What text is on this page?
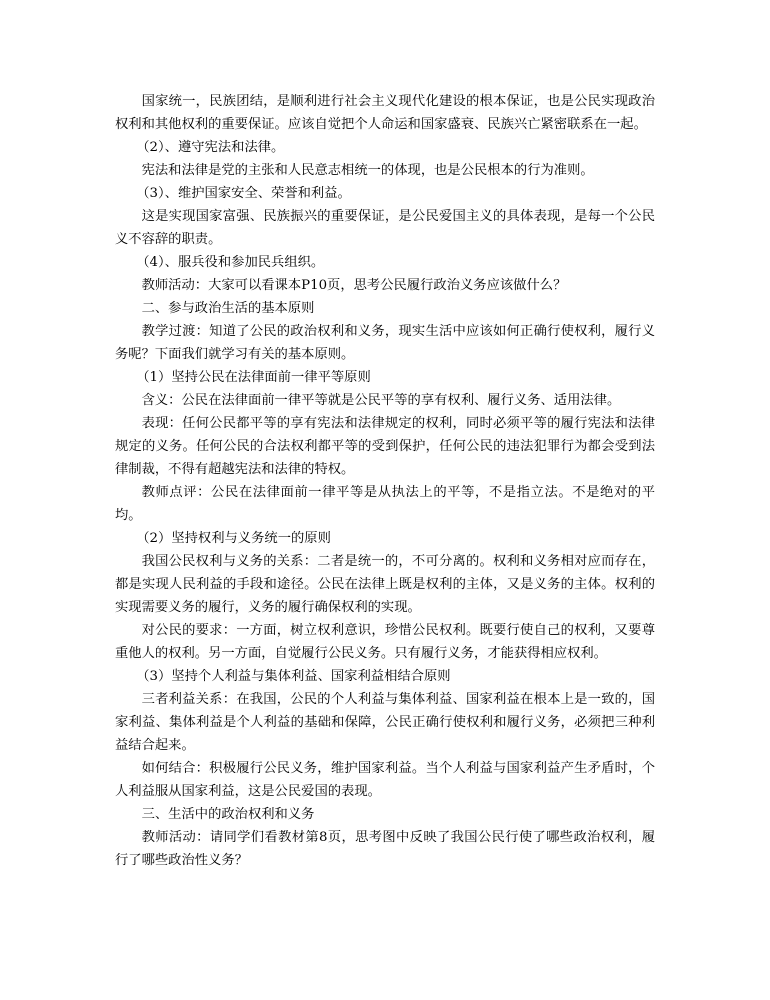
国家统一，民族团结，是顺利进行社会主义现代化建设的根本保证，也是公民实现政治权利和其他权利的重要保证。应该自觉把个人命运和国家盛衰、民族兴亡紧密联系在一起。

（2）、遵守宪法和法律。

宪法和法律是党的主张和人民意志相统一的体现，也是公民根本的行为准则。

（3）、维护国家安全、荣誉和利益。

这是实现国家富强、民族振兴的重要保证，是公民爱国主义的具体表现，是每一个公民义不容辞的职责。

（4）、服兵役和参加民兵组织。

教师活动：大家可以看课本P10页，思考公民履行政治义务应该做什么？

二、参与政治生活的基本原则

教学过渡：知道了公民的政治权利和义务，现实生活中应该如何正确行使权利，履行义务呢？下面我们就学习有关的基本原则。

（1）坚持公民在法律面前一律平等原则

含义：公民在法律面前一律平等就是公民平等的享有权利、履行义务、适用法律。

表现：任何公民都平等的享有宪法和法律规定的权利，同时必须平等的履行宪法和法律规定的义务。任何公民的合法权利都平等的受到保护，任何公民的违法犯罪行为都会受到法律制裁，不得有超越宪法和法律的特权。

教师点评：公民在法律面前一律平等是从执法上的平等，不是指立法。不是绝对的平均。

（2）坚持权利与义务统一的原则

我国公民权利与义务的关系：二者是统一的，不可分离的。权利和义务相对应而存在，都是实现人民利益的手段和途径。公民在法律上既是权利的主体，又是义务的主体。权利的实现需要义务的履行，义务的履行确保权利的实现。

对公民的要求：一方面，树立权利意识，珍惜公民权利。既要行使自己的权利，又要尊重他人的权利。另一方面，自觉履行公民义务。只有履行义务，才能获得相应权利。

（3）坚持个人利益与集体利益、国家利益相结合原则

三者利益关系：在我国，公民的个人利益与集体利益、国家利益在根本上是一致的，国家利益、集体利益是个人利益的基础和保障，公民正确行使权利和履行义务，必须把三种利益结合起来。

如何结合：积极履行公民义务，维护国家利益。当个人利益与国家利益产生矛盾时，个人利益服从国家利益，这是公民爱国的表现。

三、生活中的政治权利和义务

教师活动：请同学们看教材第8页，思考图中反映了我国公民行使了哪些政治权利，履行了哪些政治性义务？
